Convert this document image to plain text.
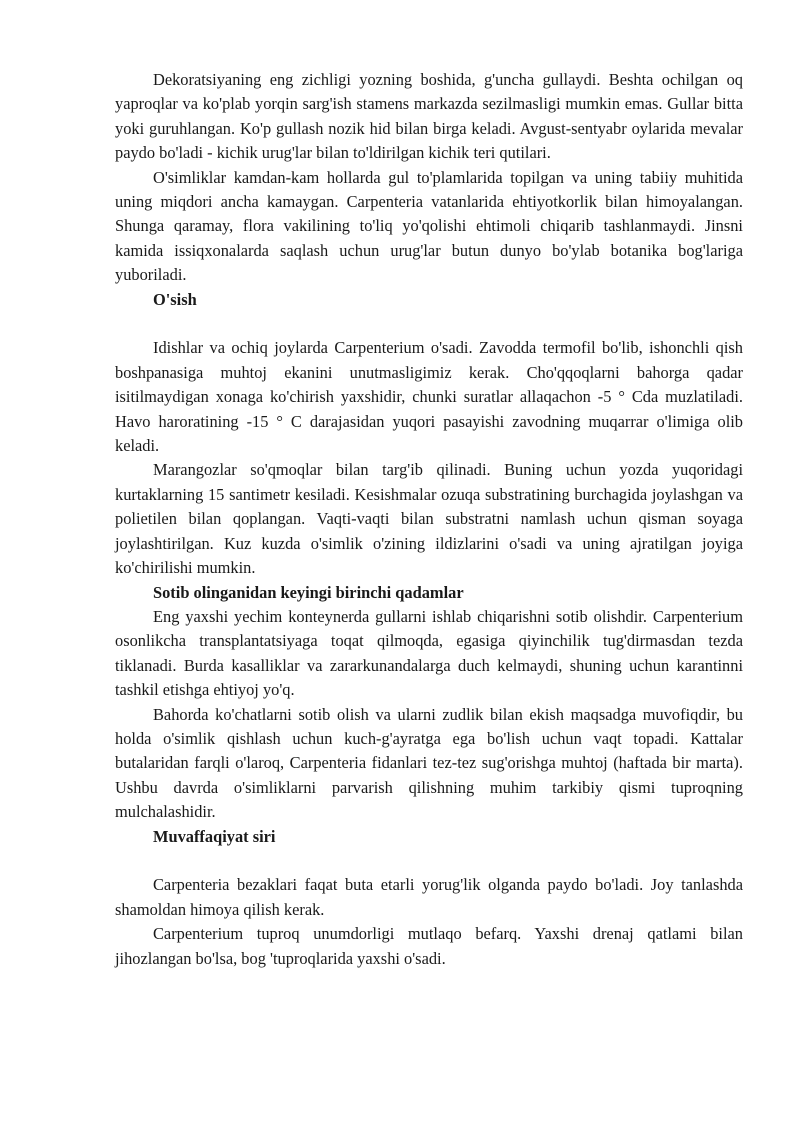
Dekoratsiyaning eng zichligi yozning boshida, g'uncha gullaydi. Beshta ochilgan oq yaproqlar va ko'plab yorqin sarg'ish stamens markazda sezilmasligi mumkin emas. Gullar bitta yoki guruhlangan. Ko'p gullash nozik hid bilan birga keladi. Avgust-sentyabr oylarida mevalar paydo bo'ladi - kichik urug'lar bilan to'ldirilgan kichik teri qutilari.

O'simliklar kamdan-kam hollarda gul to'plamlarida topilgan va uning tabiiy muhitida uning miqdori ancha kamaygan. Carpenteria vatanlarida ehtiyotkorlik bilan himoyalangan. Shunga qaramay, flora vakilining to'liq yo'qolishi ehtimoli chiqarib tashlanmaydi. Jinsni kamida issiqxonalarda saqlash uchun urug'lar butun dunyo bo'ylab botanika bog'lariga yuboriladi.

O'sish

Idishlar va ochiq joylarda Carpenterium o'sadi. Zavodda termofil bo'lib, ishonchli qish boshpanasiga muhtoj ekanini unutmasligimiz kerak. Cho'qqoqlarni bahorga qadar isitilmaydigan xonaga ko'chirish yaxshidir, chunki suratlar allaqachon -5 ° Cda muzlatiladi. Havo haroratining -15 ° C darajasidan yuqori pasayishi zavodning muqarrar o'limiga olib keladi.

Marangozlar so'qmoqlar bilan targ'ib qilinadi. Buning uchun yozda yuqoridagi kurtaklarning 15 santimetr kesiladi. Kesishmalar ozuqa substratining burchagida joylashgan va polietilen bilan qoplangan. Vaqti-vaqti bilan substratni namlash uchun qisman soyaga joylashtirilgan. Kuz kuzda o'simlik o'zining ildizlarini o'sadi va uning ajratilgan joyiga ko'chirilishi mumkin.

Sotib olinganidan keyingi birinchi qadamlar

Eng yaxshi yechim konteynerda gullarni ishlab chiqarishni sotib olishdir. Carpenterium osonlikcha transplantatsiyaga toqat qilmoqda, egasiga qiyinchilik tug'dirmasdan tezda tiklanadi. Burda kasalliklar va zararkunandalarga duch kelmaydi, shuning uchun karantinni tashkil etishga ehtiyoj yo'q.

Bahorda ko'chatlarni sotib olish va ularni zudlik bilan ekish maqsadga muvofiqdir, bu holda o'simlik qishlash uchun kuch-g'ayratga ega bo'lish uchun vaqt topadi. Kattalar butalaridan farqli o'laroq, Carpenteria fidanlari tez-tez sug'orishga muhtoj (haftada bir marta). Ushbu davrda o'simliklarni parvarish qilishning muhim tarkibiy qismi tuproqning mulchalashidir.

Muvaffaqiyat siri

Carpenteria bezaklari faqat buta etarli yorug'lik olganda paydo bo'ladi. Joy tanlashda shamoldan himoya qilish kerak.

Carpenterium tuproq unumdorligi mutlaqo befarq. Yaxshi drenaj qatlami bilan jihozlangan bo'lsa, bog 'tuproqlarida yaxshi o'sadi.
